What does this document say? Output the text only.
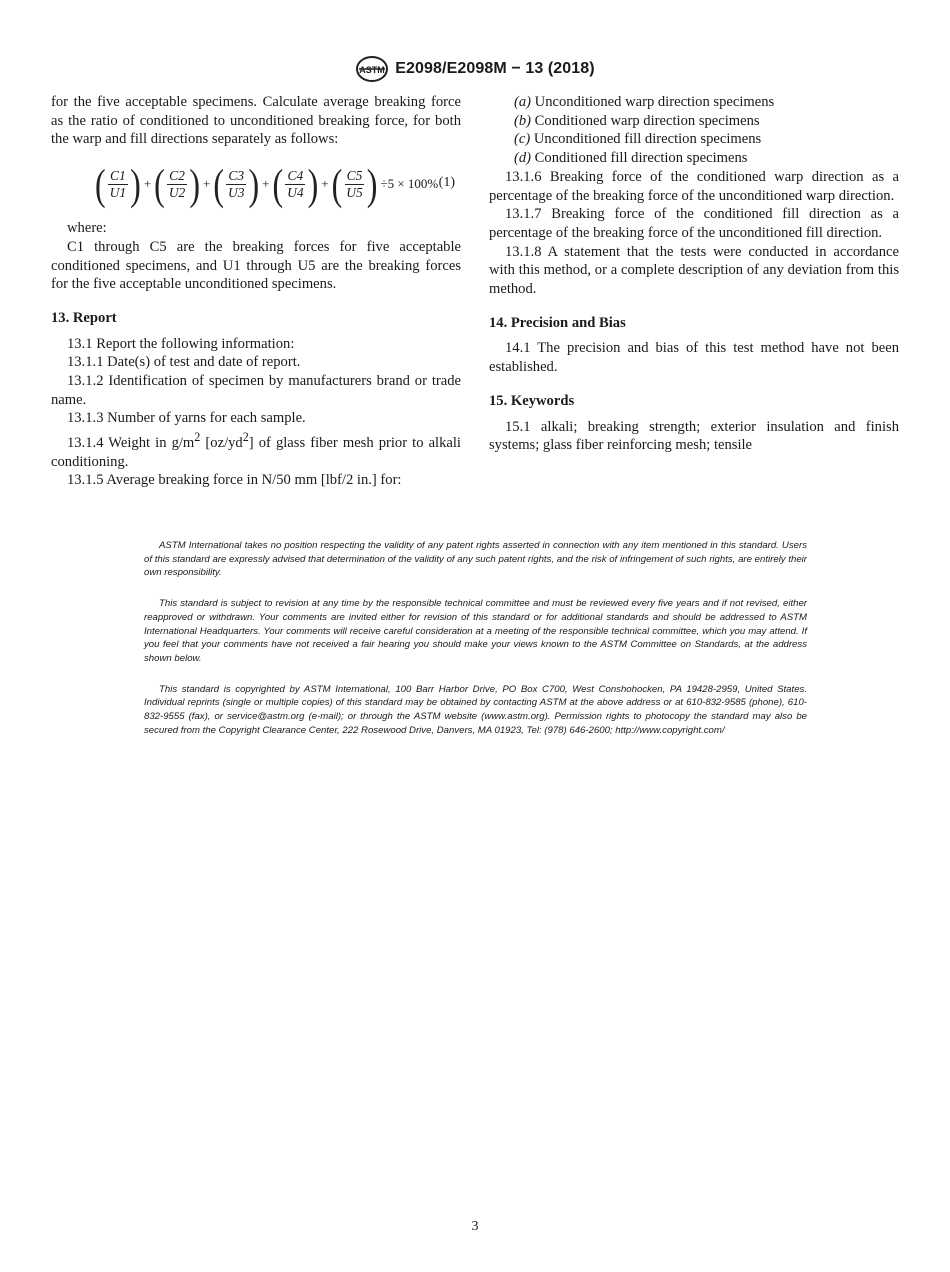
ASTM E2098/E2098M − 13 (2018)

for the five acceptable specimens. Calculate average breaking force as the ratio of conditioned to unconditioned breaking force, for both the warp and fill directions separately as follows:

( $\frac{C1}{U1}$ ) + ( $\frac{C2}{U2}$ ) + ( $\frac{C3}{U3}$ ) + ( $\frac{C4}{U4}$ ) + ( $\frac{C5}{U5}$ ) ÷5 × 100% (1)

where:

C1 through C5 are the breaking forces for five acceptable conditioned specimens, and U1 through U5 are the breaking forces for the five acceptable unconditioned specimens.

13. Report

13.1 Report the following information:

13.1.1 Date(s) of test and date of report.

13.1.2 Identification of specimen by manufacturers brand or trade name.

13.1.3 Number of yarns for each sample.

13.1.4 Weight in $g/m^2$ $[oz/yd^2]$ of glass fiber mesh prior to alkali conditioning.

13.1.5 Average breaking force in N/50 mm [lbf/2 in.] for:

(a) Unconditioned warp direction specimens

(b) Conditioned warp direction specimens

(c) Unconditioned fill direction specimens

(d) Conditioned fill direction specimens

13.1.6 Breaking force of the conditioned warp direction as a percentage of the breaking force of the unconditioned warp direction.

13.1.7 Breaking force of the conditioned fill direction as a percentage of the breaking force of the unconditioned fill direction.

13.1.8 A statement that the tests were conducted in accordance with this method, or a complete description of any deviation from this method.

14. Precision and Bias

14.1 The precision and bias of this test method have not been established.

15. Keywords

15.1 alkali; breaking strength; exterior insulation and finish systems; glass fiber reinforcing mesh; tensile

ASTM International takes no position respecting the validity of any patent rights asserted in connection with any item mentioned in this standard. Users of this standard are expressly advised that determination of the validity of any such patent rights, and the risk of infringement of such rights, are entirely their own responsibility.

This standard is subject to revision at any time by the responsible technical committee and must be reviewed every five years and if not revised, either reapproved or withdrawn. Your comments are invited either for revision of this standard or for additional standards and should be addressed to ASTM International Headquarters. Your comments will receive careful consideration at a meeting of the responsible technical committee, which you may attend. If you feel that your comments have not received a fair hearing you should make your views known to the ASTM Committee on Standards, at the address shown below.

This standard is copyrighted by ASTM International, 100 Barr Harbor Drive, PO Box C700, West Conshohocken, PA 19428-2959, United States. Individual reprints (single or multiple copies) of this standard may be obtained by contacting ASTM at the above address or at 610-832-9585 (phone), 610-832-9555 (fax), or service@astm.org (e-mail); or through the ASTM website (www.astm.org). Permission rights to photocopy the standard may also be secured from the Copyright Clearance Center, 222 Rosewood Drive, Danvers, MA 01923, Tel: (978) 646-2600; http://www.copyright.com/

3
